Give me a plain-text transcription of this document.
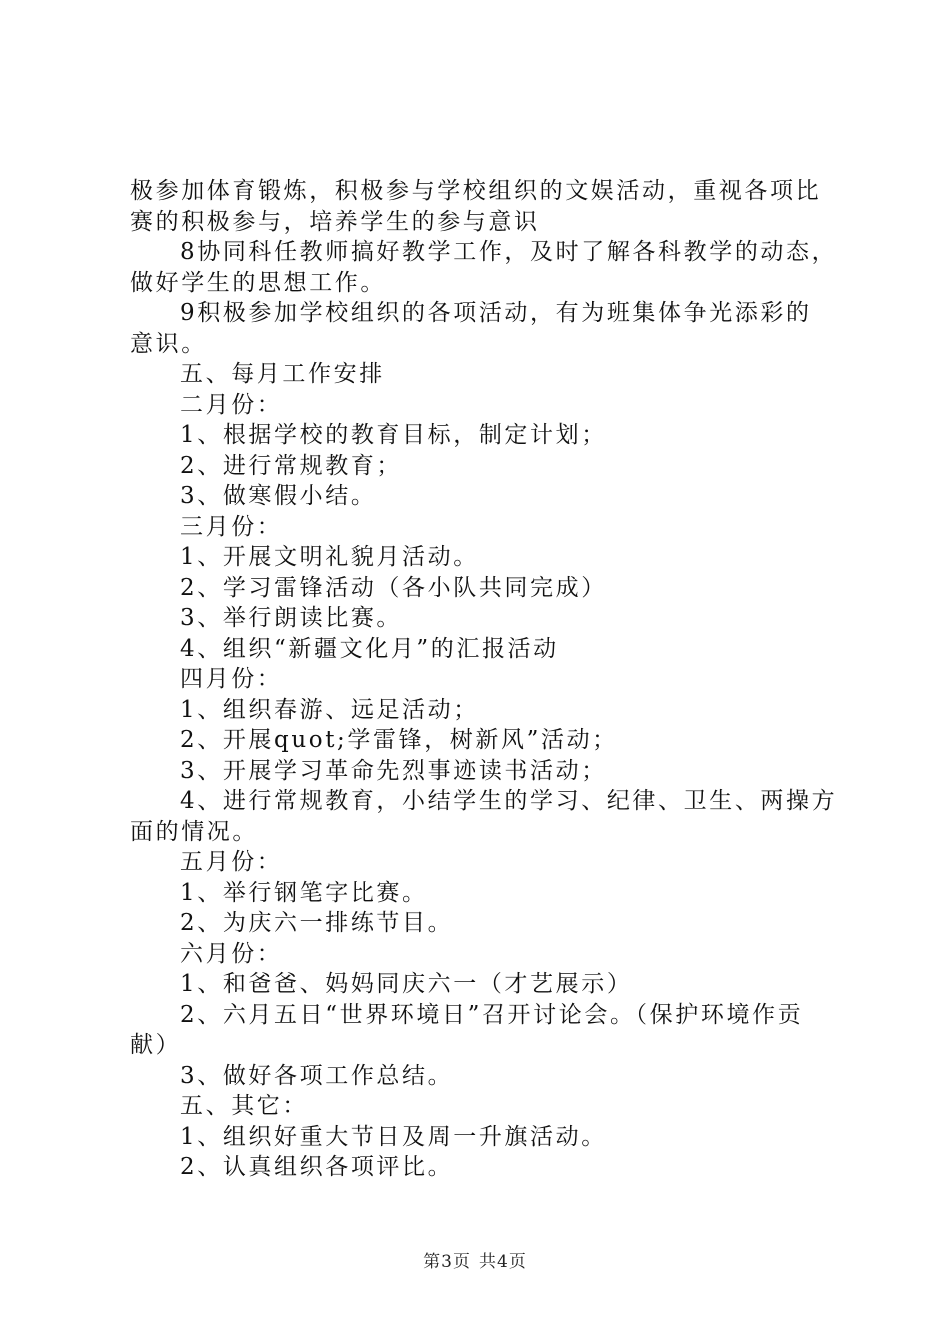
极参加体育锻炼，积极参与学校组织的文娱活动，重视各项比

赛的积极参与，培养学生的参与意识

8协同科任教师搞好教学工作，及时了解各科教学的动态，

做好学生的思想工作。

9积极参加学校组织的各项活动，有为班集体争光添彩的

意识。

五、每月工作安排

二月份：

1、根据学校的教育目标，制定计划；

2、进行常规教育；

3、做寒假小结。

三月份：

1、开展文明礼貌月活动。

2、学习雷锋活动（各小队共同完成）

3、举行朗读比赛。

4、组织“新疆文化月”的汇报活动

四月份：

1、组织春游、远足活动；

2、开展quot;学雷锋，树新风”活动；

3、开展学习革命先烈事迹读书活动；

4、进行常规教育，小结学生的学习、纪律、卫生、两操方

面的情况。

五月份：

1、举行钢笔字比赛。

2、为庆六一排练节目。

六月份：

1、和爸爸、妈妈同庆六一（才艺展示）

2、六月五日“世界环境日”召开讨论会。（保护环境作贡

献）

3、做好各项工作总结。

五、其它：

1、组织好重大节日及周一升旗活动。

2、认真组织各项评比。

第3页 共4页
